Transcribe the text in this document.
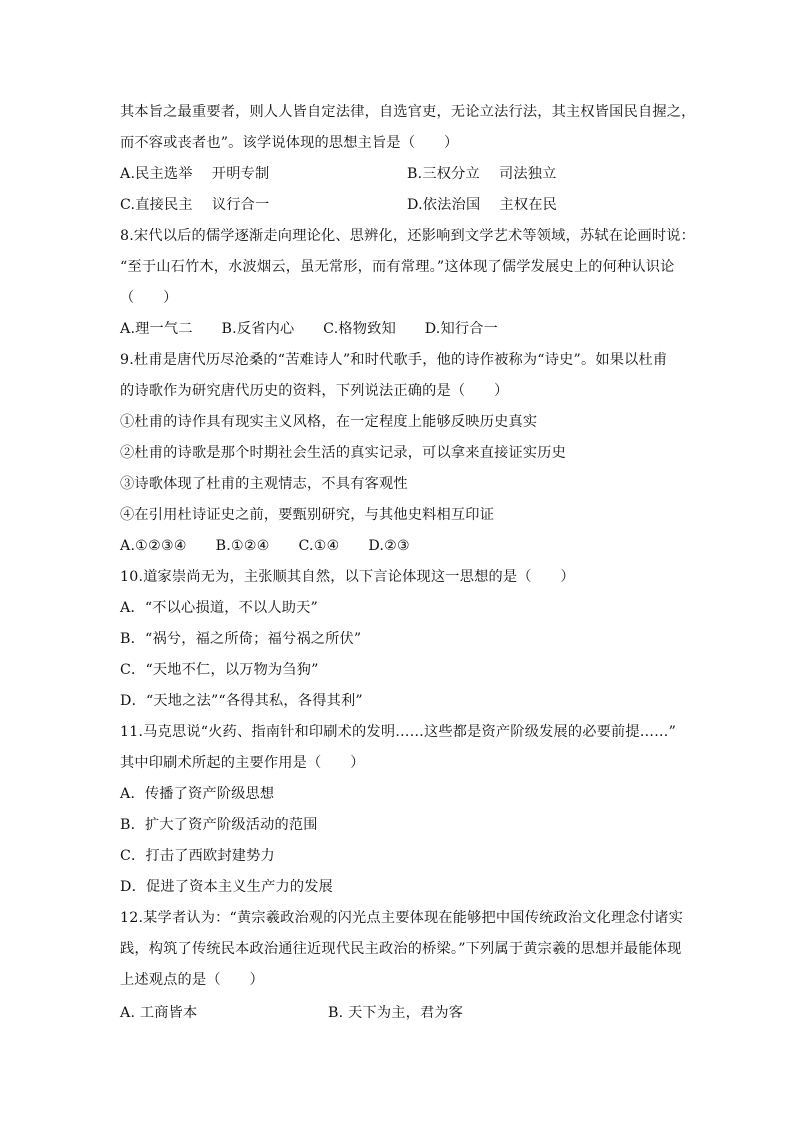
其本旨之最重要者，则人人皆自定法律，自选官吏，无论立法行法，其主权皆国民自握之，
而不容或丧者也”。该学说体现的思想主旨是（　　）
A.民主选举　 开明专制	B.三权分立　 司法独立
C.直接民主　 议行合一	D.依法治国　 主权在民
8.宋代以后的儒学逐渐走向理论化、思辨化，还影响到文学艺术等领域，苏轼在论画时说：
“至于山石竹木，水波烟云，虽无常形，而有常理。”这体现了儒学发展史上的何种认识论
（　　）
A.理一气二　　B.反省内心　　C.格物致知　　D.知行合一
9.杜甫是唐代历尽沧桑的“苦难诗人”和时代歌手，他的诗作被称为“诗史”。如果以杜甫
的诗歌作为研究唐代历史的资料，下列说法正确的是（　　）
①杜甫的诗作具有现实主义风格，在一定程度上能够反映历史真实
②杜甫的诗歌是那个时期社会生活的真实记录，可以拿来直接证实历史
③诗歌体现了杜甫的主观情志，不具有客观性
④在引用杜诗证史之前，要甄别研究，与其他史料相互印证
A.①②③④　　B.①②④　　C.①④　　D.②③
10.道家崇尚无为，主张顺其自然，以下言论体现这一思想的是（　　）
A．“不以心损道，不以人助天”
B．“祸兮，福之所倚；福兮祸之所伏”
C．“天地不仁，以万物为刍狗”
D．“天地之法”“各得其私，各得其利”
11.马克思说“火药、指南针和印刷术的发明……这些都是资产阶级发展的必要前提……”
其中印刷术所起的主要作用是（　　）
A．传播了资产阶级思想
B．扩大了资产阶级活动的范围
C．打击了西欧封建势力
D．促进了资本主义生产力的发展
12.某学者认为：“黄宗羲政治观的闪光点主要体现在能够把中国传统政治文化理念付诸实
践，构筑了传统民本政治通往近现代民主政治的桥梁。”下列属于黄宗羲的思想并最能体现
上述观点的是（　　）
A. 工商皆本	B. 天下为主，君为客
